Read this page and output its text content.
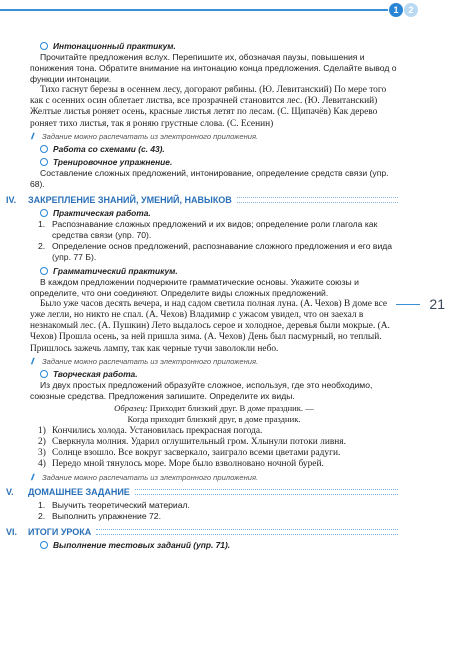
1	2
21
Интонационный практикум.

Прочитайте предложения вслух. Перепишите их, обозначая паузы, повышения и понижения тона. Обратите внимание на интонацию конца предложения. Сделайте вывод о функции интонации.

Тихо гаснут березы в осеннем лесу, догорают рябины. (Ю. Левитанский) По мере того как с осенних осин облетает листва, все прозрачней становится лес. (Ю. Левитанский) Желтые листья роняет осень, красные листья летят по лесам. (С. Щипачёв) Как дерево роняет тихо листья, так я роняю грустные слова. (С. Есенин)

Задание можно распечатать из электронного приложения.
Работа со схемами (с. 43).
Тренировочное упражнение.

Составление сложных предложений, интонирование, определение средств связи (упр. 68).

IV.	ЗАКРЕПЛЕНИЕ ЗНАНИЙ, УМЕНИЙ, НАВЫКОВ
Практическая работа.
1. Распознавание сложных предложений и их видов; определение роли глагола как средства связи (упр. 70).
2. Определение основ предложений, распознавание сложного предложения и его вида (упр. 77 Б).
Грамматический практикум.

В каждом предложении подчеркните грамматические основы. Укажите союзы и определите, что они соединяют. Определите виды сложных предложений.

Было уже часов десять вечера, и над садом светила полная луна. (А. Чехов) В доме все уже легли, но никто не спал. (А. Чехов) Владимир с ужасом увидел, что он заехал в незнакомый лес. (А. Пушкин) Лето выдалось серое и холодное, деревья были мокрые. (А. Чехов) Прошла осень, за ней пришла зима. (А. Чехов) День был пасмурный, но теплый. Пришлось зажечь лампу, так как черные тучи заволокли небо.

Задание можно распечатать из электронного приложения.
Творческая работа.

Из двух простых предложений образуйте сложное, используя, где это необходимо, союзные средства. Предложения запишите. Определите их виды.

Образец: Приходит близкий друг. В доме праздник. —
Когда приходит близкий друг, в доме праздник.
1) Кончились холода. Установилась прекрасная погода.
2) Сверкнула молния. Ударил оглушительный гром. Хлынули потоки ливня.
3) Солнце взошло. Все вокруг засверкало, заиграло всеми цветами радуги.
4) Передо мной тянулось море. Море было взволновано ночной бурей.
Задание можно распечатать из электронного приложения.
V.	ДОМАШНЕЕ ЗАДАНИЕ
1. Выучить теоретический материал.
2. Выполнить упражнение 72.
VI.	ИТОГИ УРОКА
Выполнение тестовых заданий (упр. 71).
